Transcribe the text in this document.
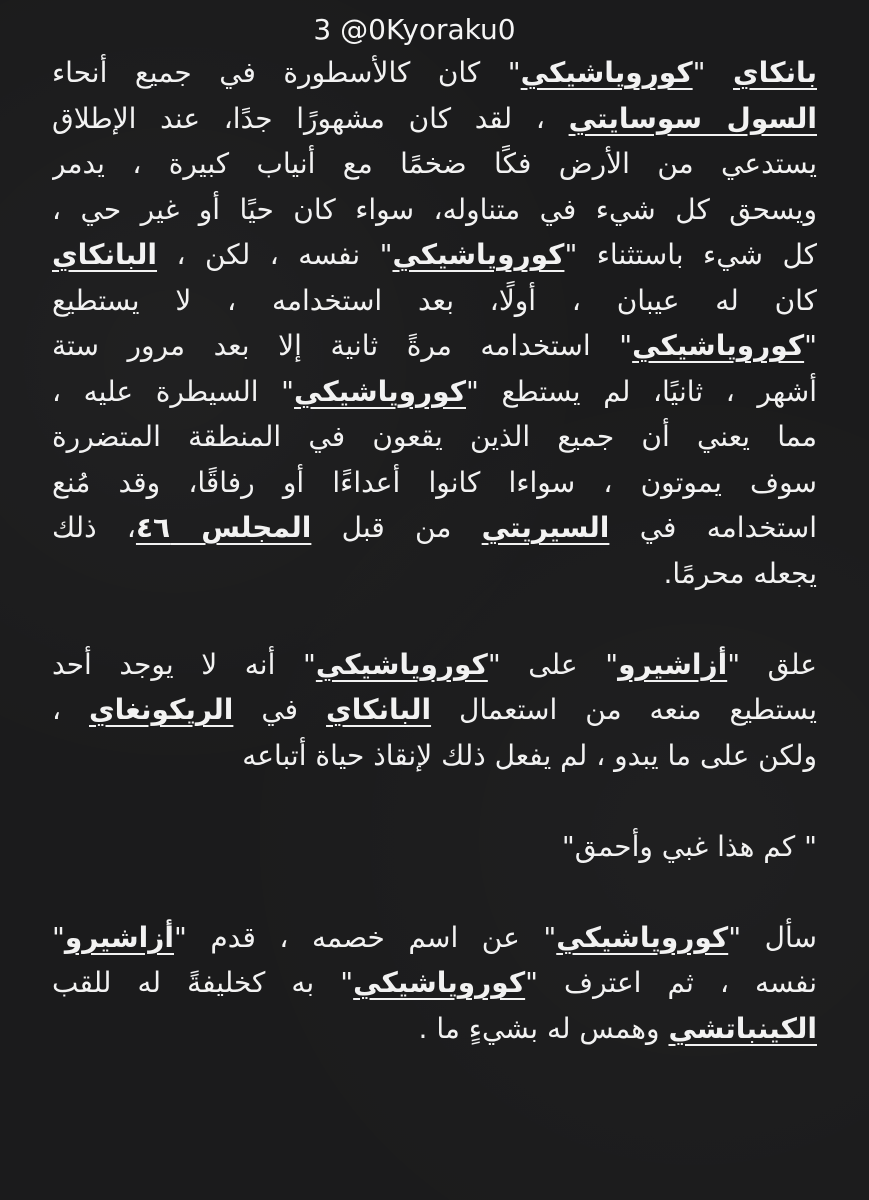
3 @0Kyoraku0
بانكاي "كوروياشيكي" كان كالأسطورة في جميع أنحاء
السول سوسايتي ، لقد كان مشهورًا جدًا، عند الإطلاق
يستدعي من الأرض فكًا ضخمًا مع أنياب كبيرة ، يدمر
ويسحق كل شيء في متناوله، سواء كان حيًا أو غير حي ،
كل شيء باستثناء "كوروياشيكي" نفسه ، لكن ، البانكاي
كان له عيبان ، أولًا، بعد استخدامه ، لا يستطيع
"كوروياشيكي" استخدامه مرةً ثانية إلا بعد مرور ستة
أشهر ، ثانيًا، لم يستطع "كوروياشيكي" السيطرة عليه ،
مما يعني أن جميع الذين يقعون في المنطقة المتضررة
سوف يموتون ، سواءا كانوا أعداءًا أو رفاقًا، وقد مُنع
استخدامه في السيريتي من قبل المجلس ٤٦، ذلك
يجعله محرمًا.
علق "أزاشيرو" على "كوروياشيكي" أنه لا يوجد أحد
يستطيع منعه من استعمال البانكاي في الريكونغاي ،
ولكن على ما يبدو ، لم يفعل ذلك لإنقاذ حياة أتباعه
" كم هذا غبي وأحمق"
سأل "كوروياشيكي" عن اسم خصمه ، قدم "أزاشيرو"
نفسه ، ثم اعترف "كوروياشيكي" به كخليفةً له للقب
الكينباتشي وهمس له بشيءٍ ما .
